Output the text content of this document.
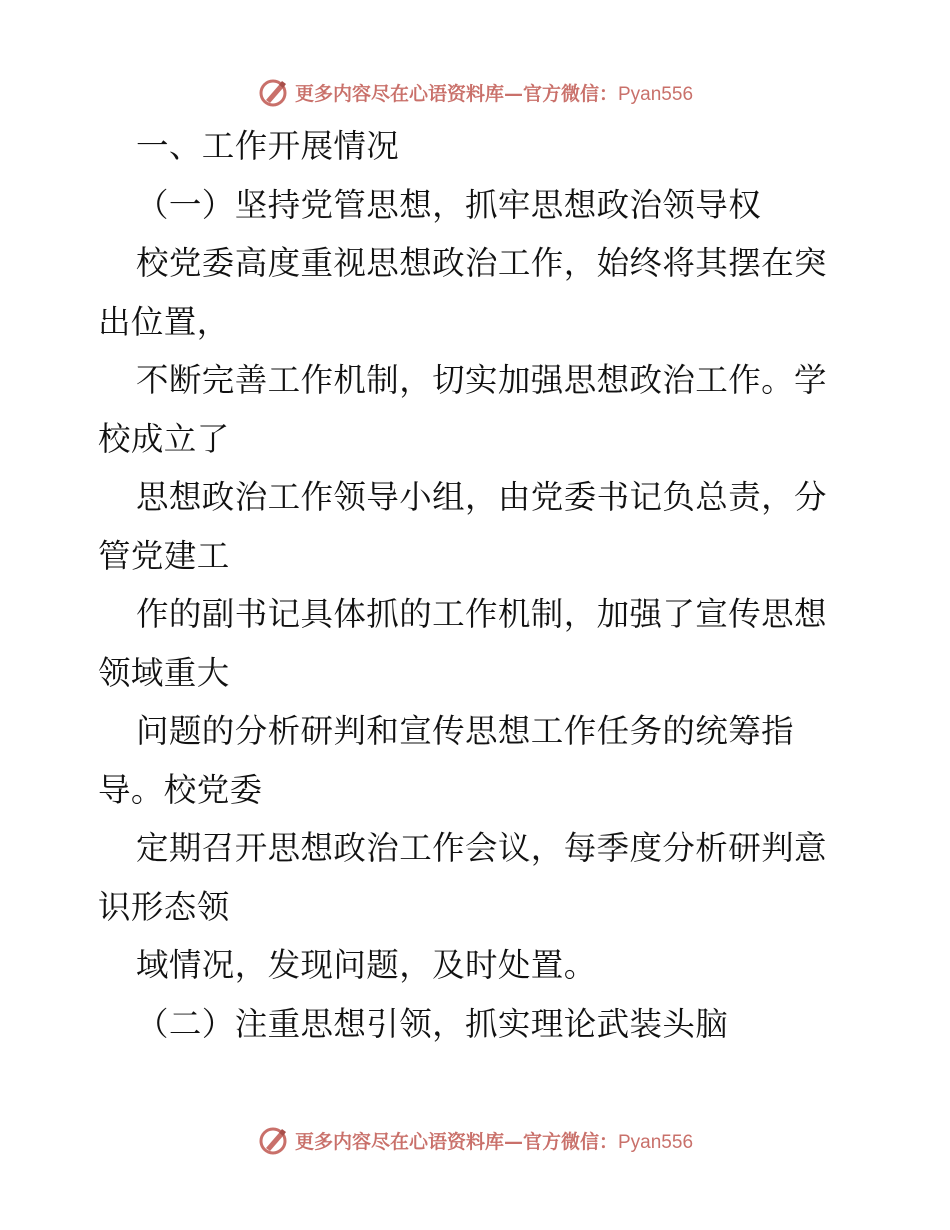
更多内容尽在心语资料库—官方微信：Pyan556
一、工作开展情况
（一）坚持党管思想，抓牢思想政治领导权
校党委高度重视思想政治工作，始终将其摆在突
出位置，
不断完善工作机制，切实加强思想政治工作。学
校成立了
思想政治工作领导小组，由党委书记负总责，分
管党建工
作的副书记具体抓的工作机制，加强了宣传思想
领域重大
问题的分析研判和宣传思想工作任务的统筹指
导。校党委
定期召开思想政治工作会议，每季度分析研判意
识形态领
域情况，发现问题，及时处置。
（二）注重思想引领，抓实理论武装头脑
更多内容尽在心语资料库—官方微信：Pyan556
